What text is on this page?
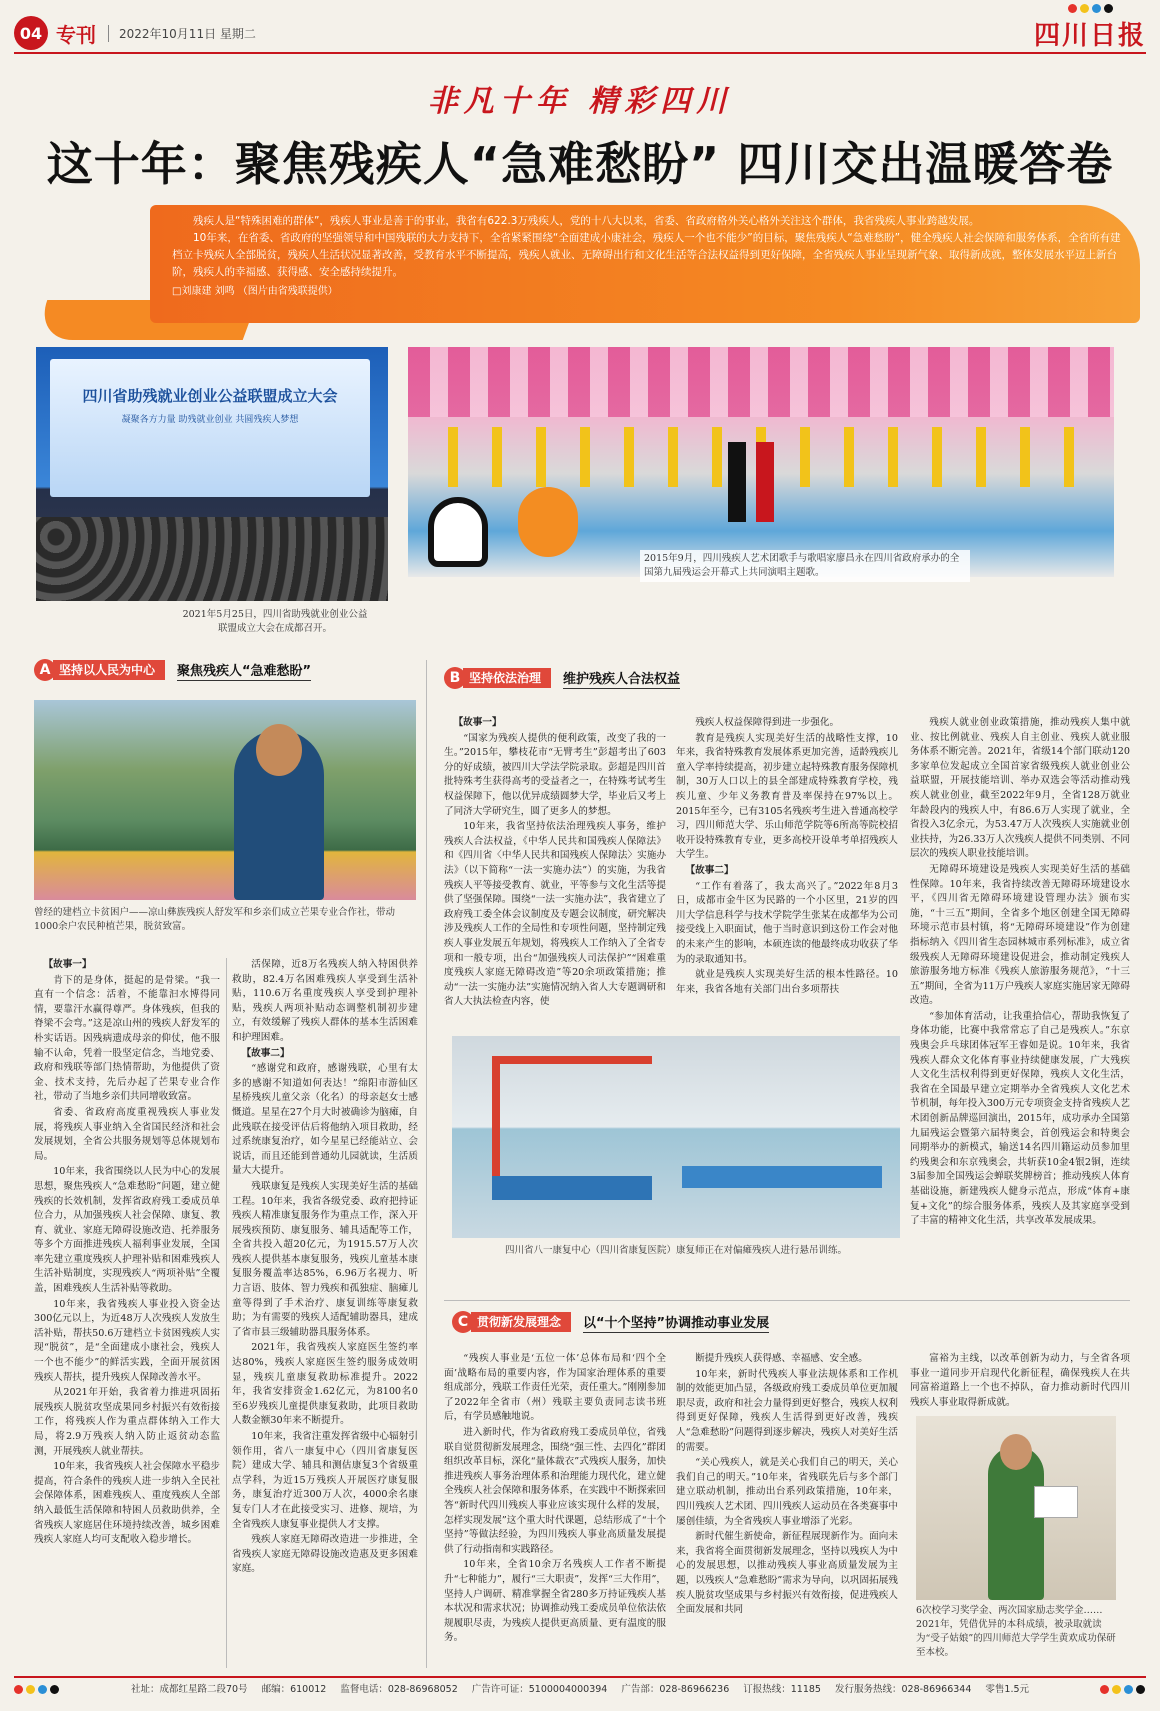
04 专刊	2022年10月11日 星期二	四川日报
非凡十年 精彩四川
这十年：聚焦残疾人“急难愁盼” 四川交出温暖答卷

残疾人是“特殊困难的群体”，残疾人事业是善于的事业，我省有622.3万残疾人，党的十八大以来，省委、省政府格外关心格外关注这个群体，我省残疾人事业跨越发展。

10年来，在省委、省政府的坚强领导和中国残联的大力支持下，全省紧紧围绕“全面建成小康社会，残疾人一个也不能少”的目标，聚焦残疾人“急难愁盼”，健全残疾人社会保障和服务体系，全省所有建档立卡残疾人全部脱贫，残疾人生活状况显著改善，受教育水平不断提高，残疾人就业、无障碍出行和文化生活等合法权益得到更好保障，全省残疾人事业呈现新气象、取得新成就，整体发展水平迈上新台阶，残疾人的幸福感、获得感、安全感持续提升。

□刘康建 刘鸣 （图片由省残联提供）
四川省助残就业创业公益联盟成立大会
凝聚各方力量 助残就业创业 共圆残疾人梦想
2021年5月25日，四川省助残就业创业公益联盟成立大会在成都召开。
2015年9月，四川残疾人艺术团歌手与歌唱家廖昌永在四川省政府承办的全国第九届残运会开幕式上共同演唱主题歌。
A 坚持以人民为中心	聚焦残疾人“急难愁盼”
曾经的建档立卡贫困户——凉山彝族残疾人舒发军和乡亲们成立芒果专业合作社，带动1000余户农民种植芒果，脱贫致富。

【故事一】

肯下的是身体，挺起的是骨梁。“我一直有一个信念：活着，不能靠汩水博得同情，要靠汗水赢得尊严。身体残疾，但我的脊梁不会弯。”这是凉山州的残疾人舒发军的朴实话语。因残病遗成母亲的仰仗，他不服输不认命，凭着一股坚定信念，当地党委、政府和残联等部门热情帮助，为他提供了资金、技术支持，先后办起了芒果专业合作社，带动了当地乡亲们共同增收致富。

省委、省政府高度重视残疾人事业发展，将残疾人事业纳入全省国民经济和社会发展规划，全省公共服务规划等总体规划布局。

10年来，我省围绕以人民为中心的发展思想，聚焦残疾人“急难愁盼”问题，建立健残疾的长效机制，发挥省政府残工委成员单位合力，从加强残疾人社会保障、康复、教育、就业、家庭无障碍设施改造、托养服务等多个方面推进残疾人福利事业发展，全国率先建立重度残疾人护理补贴和困难残疾人生活补贴制度，实现残疾人“两项补贴”全覆盖，困难残疾人生活补贴等救助。

10年来，我省残疾人事业投入资金达300亿元以上，为近48万人次残疾人发放生活补贴，帮扶50.6万建档立卡贫困残疾人实现“脱贫”，是“全面建成小康社会，残疾人一个也不能少”的鲜活实践，全面开展贫困残疾人帮扶，提升残疾人保障改善水平。

从2021年开始，我省着力推进巩固拓展残疾人脱贫攻坚成果同乡村振兴有效衔接工作，将残疾人作为重点群体纳入工作大局，将2.9万残疾人纳入防止返贫动态监测，开展残疾人就业帮扶。

10年来，我省残疾人社会保障水平稳步提高，符合条件的残疾人进一步纳入全民社会保障体系，困难残疾人、重度残疾人全部纳入最低生活保障和特困人员救助供养，全省残疾人家庭居住环境持续改善，城乡困难残疾人家庭人均可支配收入稳步增长。

活保障，近8万名残疾人纳入特困供养救助，82.4万名困难残疾人享受到生活补贴，110.6万名重度残疾人享受到护理补贴，残疾人两项补贴动态调整机制初步建立，有效缓解了残疾人群体的基本生活困难和护理困难。

【故事二】

“感谢党和政府，感谢残联，心里有太多的感谢不知道如何表达！”绵阳市游仙区星桥残疾儿童父亲（化名）的母亲赵女士感慨道。星星在27个月大时被确诊为脑瘫，自此残联在接受评估后将他纳入项目救助，经过系统康复治疗，如今星星已经能站立、会说话，而且还能到普通幼儿园就读，生活质量大大提升。

残联康复是残疾人实现美好生活的基础工程。10年来，我省各级党委、政府把持证残疾人精准康复服务作为重点工作，深入开展残疾预防、康复服务、辅具适配等工作，全省共投入超20亿元，为1915.57万人次残疾人提供基本康复服务，残疾儿童基本康复服务覆盖率达85%，6.96万名视力、听力言语、肢体、智力残疾和孤独症、脑瘫儿童等得到了手术治疗、康复训练等康复救助；为有需要的残疾人适配辅助器具，建成了省市县三级辅助器具服务体系。

2021年，我省残疾人家庭医生签约率达80%，残疾人家庭医生签约服务成效明显，残疾儿童康复救助标准提升。2022年，我省安排资金1.62亿元，为8100名0至6岁残疾儿童提供康复救助，此项目救助人数金额30年来不断提升。

10年来，我省注重发挥省级中心辐射引领作用，省八一康复中心（四川省康复医院）建成大学、辅具和测估康复3个省级重点学科，为近15万残疾人开展医疗康复服务，康复治疗近300万人次，4000余名康复专门人才在此接受实习、进修、规培，为全省残疾人康复事业提供人才支撑。

残疾人家庭无障碍改造进一步推进，全省残疾人家庭无障碍设施改造惠及更多困难家庭。

B 坚持依法治理	维护残疾人合法权益

【故事一】

“国家为残疾人提供的便利政策，改变了我的一生。”2015年，攀枝花市“无臂考生”彭超考出了603分的好成绩，被四川大学法学院录取。彭超是四川首批特殊考生获得高考的受益者之一，在特殊考试考生权益保障下，他以优异成绩圆梦大学，毕业后又考上了同济大学研究生，圆了更多人的梦想。

10年来，我省坚持依法治理残疾人事务，维护残疾人合法权益，《中华人民共和国残疾人保障法》和《四川省〈中华人民共和国残疾人保障法〉实施办法》（以下简称“一法一实施办法”）的实施，为我省残疾人平等接受教育、就业，平等参与文化生活等提供了坚强保障。围绕“一法一实施办法”，我省建立了政府残工委全体会议制度及专题会议制度，研究解决涉及残疾人工作的全局性和专项性问题，坚持制定残疾人事业发展五年规划，将残疾人工作纳入了全省专项和一般专项，出台“加强残疾人司法保护”“困难重度残疾人家庭无障碍改造”等20余项政策措施；推动“一法一实施办法”实施情况纳入省人大专题调研和省人大执法检查内容，使

残疾人权益保障得到进一步强化。

教育是残疾人实现美好生活的战略性支撑，10年来，我省特殊教育发展体系更加完善，适龄残疾儿童入学率持续提高，初步建立起特殊教育服务保障机制，30万人口以上的县全部建成特殊教育学校，残疾儿童、少年义务教育普及率保持在97%以上。2015年至今，已有3105名残疾考生进入普通高校学习，四川师范大学、乐山师范学院等6所高等院校招收开设特殊教育专业，更多高校开设单考单招残疾人大学生。

【故事二】

“工作有着落了，我太高兴了。”2022年8月3日，成都市金牛区为民路的一个小区里，21岁的四川大学信息科学与技术学院学生张某在成都华为公司接受线上入职面试，他于当时意识到这份工作会对他的未来产生的影响，本硕连读的他最终成功收获了华为的录取通知书。

就业是残疾人实现美好生活的根本性路径。10年来，我省各地有关部门出台多项帮扶

残疾人就业创业政策措施，推动残疾人集中就业、按比例就业、残疾人自主创业、残疾人就业服务体系不断完善。2021年，省级14个部门联动120多家单位发起成立全国首家省级残疾人就业创业公益联盟，开展技能培训、举办双选会等活动推动残疾人就业创业，截至2022年9月，全省128万就业年龄段内的残疾人中，有86.6万人实现了就业，全省投入3亿余元，为53.47万人次残疾人实施就业创业扶持，为26.33万人次残疾人提供不同类别、不同层次的残疾人职业技能培训。

无障碍环境建设是残疾人实现美好生活的基础性保障。10年来，我省持续改善无障碍环境建设水平，《四川省无障碍环境建设管理办法》颁布实施，“十三五”期间，全省多个地区创建全国无障碍环境示范市县村镇，将“无障碍环境建设”作为创建指标纳入《四川省生态园林城市系列标准》，成立省级残疾人无障碍环境建设促进会，推动制定残疾人旅游服务地方标准《残疾人旅游服务规范》，“十三五”期间，全省为11万户残疾人家庭实施居家无障碍改造。

“参加体育活动，让我重拾信心，帮助我恢复了身体功能，比赛中我常常忘了自己是残疾人。”东京残奥会乒乓球团体冠军王睿如是说。10年来，我省残疾人群众文化体育事业持续健康发展，广大残疾人文化生活权利得到更好保障，残疾人文化生活，我省在全国最早建立定期举办全省残疾人文化艺术节机制，每年投入300万元专项资金支持省残疾人艺术团创新品牌巡回演出，2015年，成功承办全国第九届残运会暨第六届特奥会，首创残运会和特奥会同期举办的新模式，输送14名四川籍运动员参加里约残奥会和东京残奥会，共斩获10金4银2铜，连续3届参加全国残运会蝉联奖牌榜首；推动残疾人体育基础设施，新建残疾人健身示范点，形成“体育+康复+文化”的综合服务体系，残疾人及其家庭享受到了丰富的精神文化生活，共享改革发展成果。

四川省八一康复中心（四川省康复医院）康复师正在对偏瘫残疾人进行悬吊训练。
C 贯彻新发展理念	以“十个坚持”协调推动事业发展

“残疾人事业是‘五位一体’总体布局和‘四个全面’战略布局的重要内容，作为国家治理体系的重要组成部分，残联工作责任光荣，责任重大。”刚刚参加了2022年全省市（州）残联主要负责同志读书班后，有学员感触地说。

进入新时代，作为省政府残工委成员单位，省残联自觉贯彻新发展理念，围绕“强三性、去四化”群团组织改革目标，深化“量体裁衣”式残疾人服务，加快推进残疾人事务治理体系和治理能力现代化，建立健全残疾人社会保障和服务体系，在实践中不断探索回答“新时代四川残疾人事业应该实现什么样的发展，怎样实现发展”这个重大时代课题，总结形成了“十个坚持”等做法经验，为四川残疾人事业高质量发展提供了行动指南和实践路径。

10年来，全省10余万名残疾人工作者不断提升“七种能力”，履行“三大职责”，发挥“三大作用”，坚持人户调研、精准掌握全省280多万持证残疾人基本状况和需求状况；协调推动残工委成员单位依法依规履职尽责，为残疾人提供更高质量、更有温度的服务。

断提升残疾人获得感、幸福感、安全感。

10年来，新时代残疾人事业法规体系和工作机制的效能更加凸显，各级政府残工委成员单位更加履职尽责，政府和社会力量得到更好整合，残疾人权利得到更好保障，残疾人生活得到更好改善，残疾人“急难愁盼”问题得到逐步解决，残疾人对美好生活的需要。

“关心残疾人，就是关心我们自己的明天，关心我们自己的明天。”10年来，省残联先后与多个部门建立联动机制，推动出台系列政策措施，10年来，四川残疾人艺术团、四川残疾人运动员在各类赛事中屡创佳绩，为全省残疾人事业增添了光彩。

新时代催生新使命，新征程展现新作为。面向未来，我省将全面贯彻新发展理念，坚持以残疾人为中心的发展思想，以推动残疾人事业高质量发展为主题，以残疾人“急难愁盼”需求为导向，以巩固拓展残疾人脱贫攻坚成果与乡村振兴有效衔接，促进残疾人全面发展和共同

富裕为主线，以改革创新为动力，与全省各项事业一道同步开启现代化新征程，确保残疾人在共同富裕道路上一个也不掉队，奋力推动新时代四川残疾人事业取得新成就。

6次校学习奖学金、两次国家励志奖学金……2021年，凭借优异的本科成绩，被录取就读为“受子姑娘”的四川师范大学学生黄欢成功保研至本校。
社址：成都红星路二段70号 邮编：610012 监督电话：028-86968052 广告许可证：5100004000394 广告部：028-86966236 订报热线：11185 发行服务热线：028-86966344 零售1.5元
